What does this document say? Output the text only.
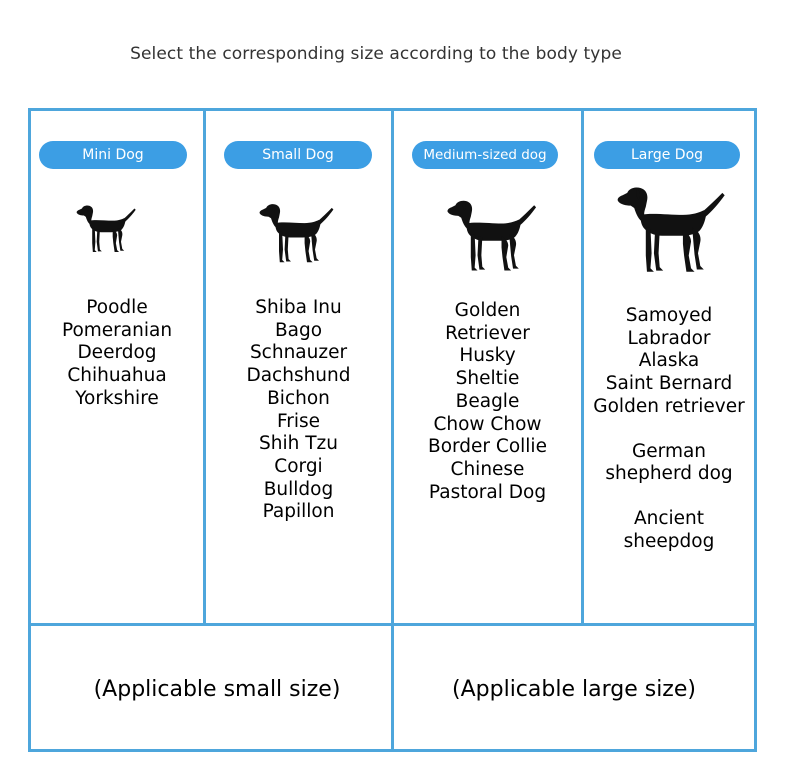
Select the corresponding size according to the body type
Mini Dog
Poodle
Pomeranian
Deerdog
Chihuahua
Yorkshire
Small Dog
Shiba Inu
Bago
Schnauzer
Dachshund
Bichon
Frise
Shih Tzu
Corgi
Bulldog
Papillon
Medium-sized dog
Golden
Retriever
Husky
Sheltie
Beagle
Chow Chow
Border Collie
Chinese
Pastoral Dog
Large Dog
Samoyed
Labrador
Alaska
Saint Bernard
Golden retriever
German
shepherd dog
Ancient
sheepdog
(Applicable small size)	(Applicable large size)
